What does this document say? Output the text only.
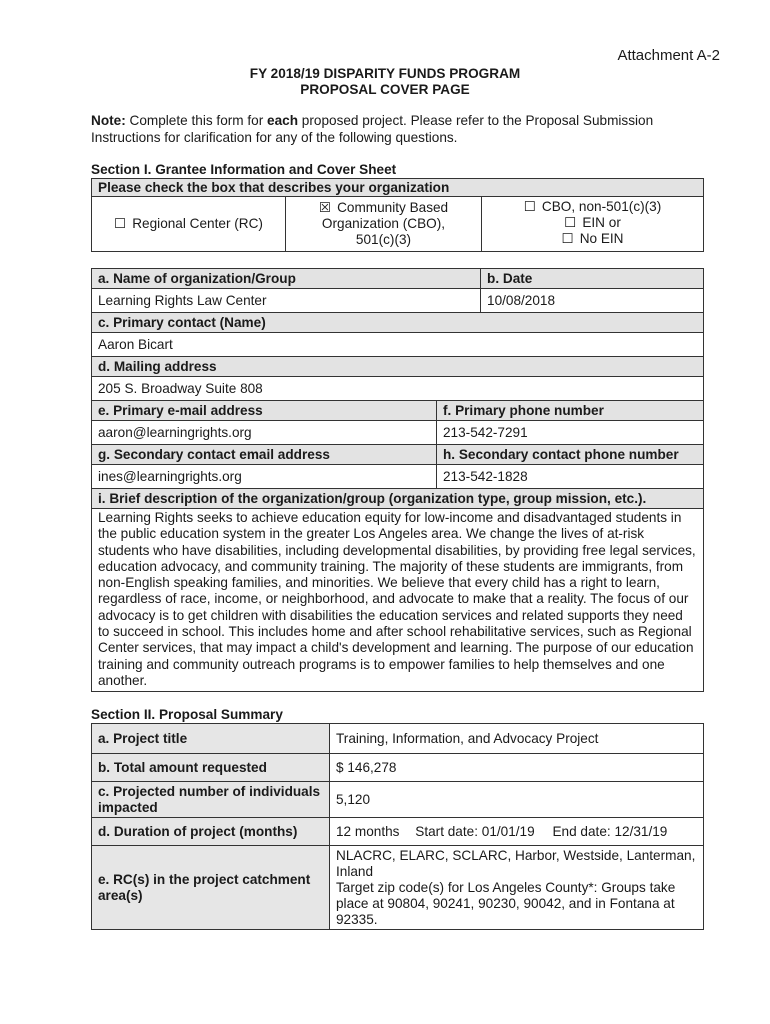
Attachment A-2
FY 2018/19 DISPARITY FUNDS PROGRAM
PROPOSAL COVER PAGE
Note: Complete this form for each proposed project. Please refer to the Proposal Submission Instructions for clarification for any of the following questions.
Section I. Grantee Information and Cover Sheet
Please check the box that describes your organization
☐ Regional Center (RC)	
☒ Community Based
Organization (CBO),
501(c)(3)

☐ CBO, non-501(c)(3)
☐ EIN or
☐ No EIN
a. Name of organization/Group		b. Date
Learning Rights Law Center		10/08/2018
c. Primary contact (Name)		
Aaron Bicart		
d. Mailing address		
205 S. Broadway Suite 808		
e. Primary e-mail address	f. Primary phone number	
aaron@learningrights.org	213-542-7291	
g. Secondary contact email address	h. Secondary contact phone number	
ines@learningrights.org	213-542-1828	
i. Brief description of the organization/group (organization type, group mission, etc.).		
Learning Rights seeks to achieve education equity for low-income and disadvantaged students in the public education system in the greater Los Angeles area. We change the lives of at-risk students who have disabilities, including developmental disabilities, by providing free legal services, education advocacy, and community training. The majority of these students are immigrants, from non-English speaking families, and minorities. We believe that every child has a right to learn, regardless of race, income, or neighborhood, and advocate to make that a reality. The focus of our advocacy is to get children with disabilities the education services and related supports they need to succeed in school. This includes home and after school rehabilitative services, such as Regional Center services, that may impact a child's development and learning. The purpose of our education training and community outreach programs is to empower families to help themselves and one another.		
Section II. Proposal Summary
a. Project title	Training, Information, and Advocacy Project
b. Total amount requested	$ 146,278
c. Projected number of individuals impacted	5,120
d. Duration of project (months)	12 months Start date: 01/01/19 End date: 12/31/19
e. RC(s) in the project catchment area(s)	NLACRC, ELARC, SCLARC, Harbor, Westside, Lanterman, Inland
Target zip code(s) for Los Angeles County*: Groups take place at 90804, 90241, 90230, 90042, and in Fontana at 92335.
